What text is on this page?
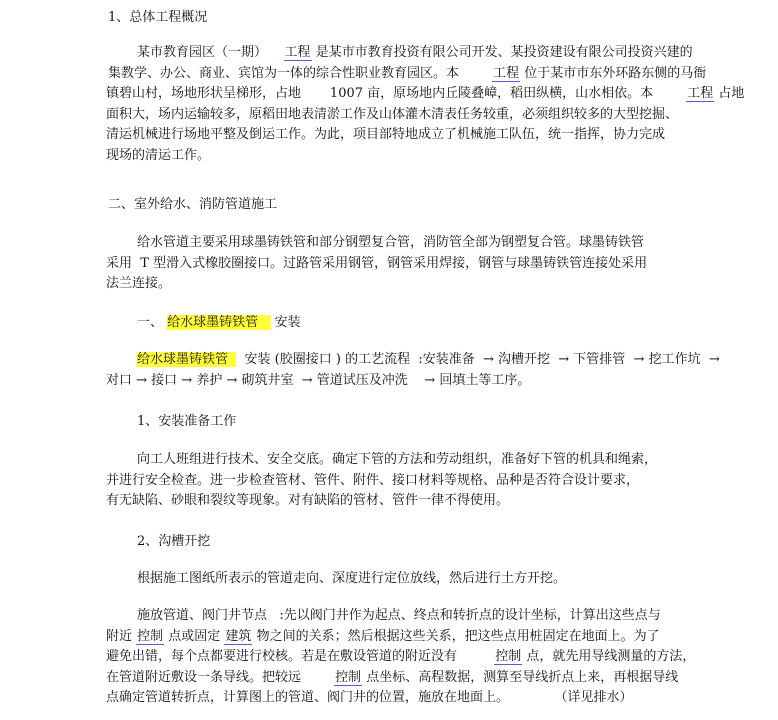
1、总体工程概况
某市教育园区（一期）    工程 是某市市教育投资有限公司开发、某投资建设有限公司投资兴建的
集教学、办公、商业、宾馆为一体的综合性职业教育园区。本        工程 位于某市市东外环路东侧的马衙
镇碧山村，场地形状呈梯形，占地       1007 亩，原场地内丘陵叠嶂，稻田纵横，山水相依。本        工程 占地
面积大，场内运输较多，原稻田地表清淤工作及山体灌木清表任务较重，必须组织较多的大型挖掘、
清运机械进行场地平整及倒运工作。为此，项目部特地成立了机械施工队伍，统一指挥，协力完成
现场的清运工作。
二、室外给水、消防管道施工
给水管道主要采用球墨铸铁管和部分钢塑复合管，消防管全部为钢塑复合管。球墨铸铁管
采用  T 型滑入式橡胶圈接口。过路管采用钢管，钢管采用焊接，钢管与球墨铸铁管连接处采用
法兰连接。
一、 给水球墨铸铁管    安装
给水球墨铸铁管    安装 (胶圈接口 ) 的工艺流程  :安装准备  → 沟槽开挖  → 下管排管  → 挖工作坑  →
对口 → 接口 → 养护 → 砌筑井室  → 管道试压及冲洗    → 回填土等工序。
1、安装准备工作
向工人班组进行技术、安全交底。确定下管的方法和劳动组织，准备好下管的机具和绳索，
并进行安全检查。进一步检查管材、管件、附件、接口材料等规格、品种是否符合设计要求，
有无缺陷、砂眼和裂纹等现象。对有缺陷的管材、管件一律不得使用。
2、沟槽开挖
根据施工图纸所表示的管道走向、深度进行定位放线，然后进行土方开挖。
施放管道、阀门井节点   :先以阀门井作为起点、终点和转折点的设计坐标，计算出这些点与
附近 控制 点或固定 建筑 物之间的关系；然后根据这些关系，把这些点用桩固定在地面上。为了
避免出错，每个点都要进行校核。若是在敷设管道的附近没有         控制 点，就先用导线测量的方法，
在管道附近敷设一条导线。把较远        控制 点坐标、高程数据，测算至导线折点上来，再根据导线
点确定管道转折点，计算图上的管道、阀门井的位置，施放在地面上。           （详见排水）
